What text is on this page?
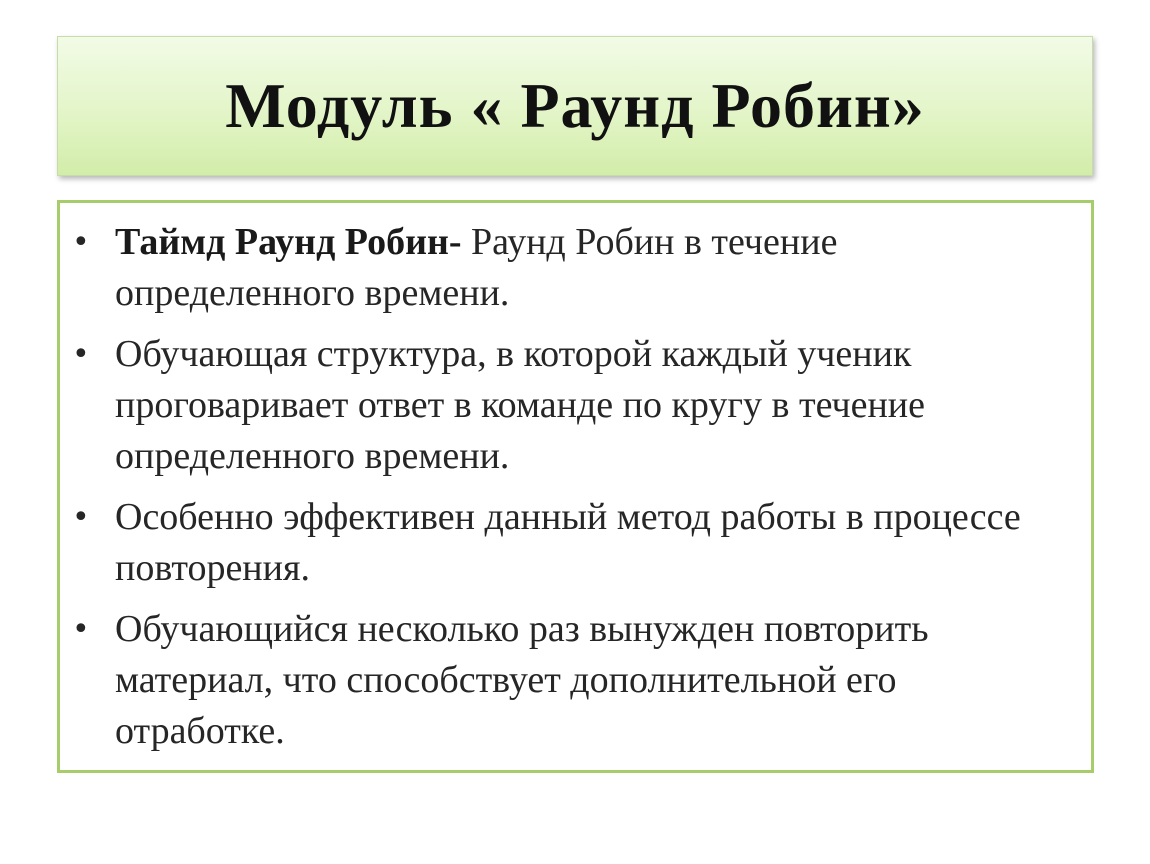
Модуль « Раунд Робин»
• Таймд Раунд Робин- Раунд Робин в течение определенного времени.
• Обучающая структура, в которой каждый ученик проговаривает ответ в команде по кругу в течение определенного времени.
• Особенно эффективен данный метод работы в процессе повторения.
• Обучающийся несколько раз вынужден повторить материал, что способствует дополнительной его отработке.
